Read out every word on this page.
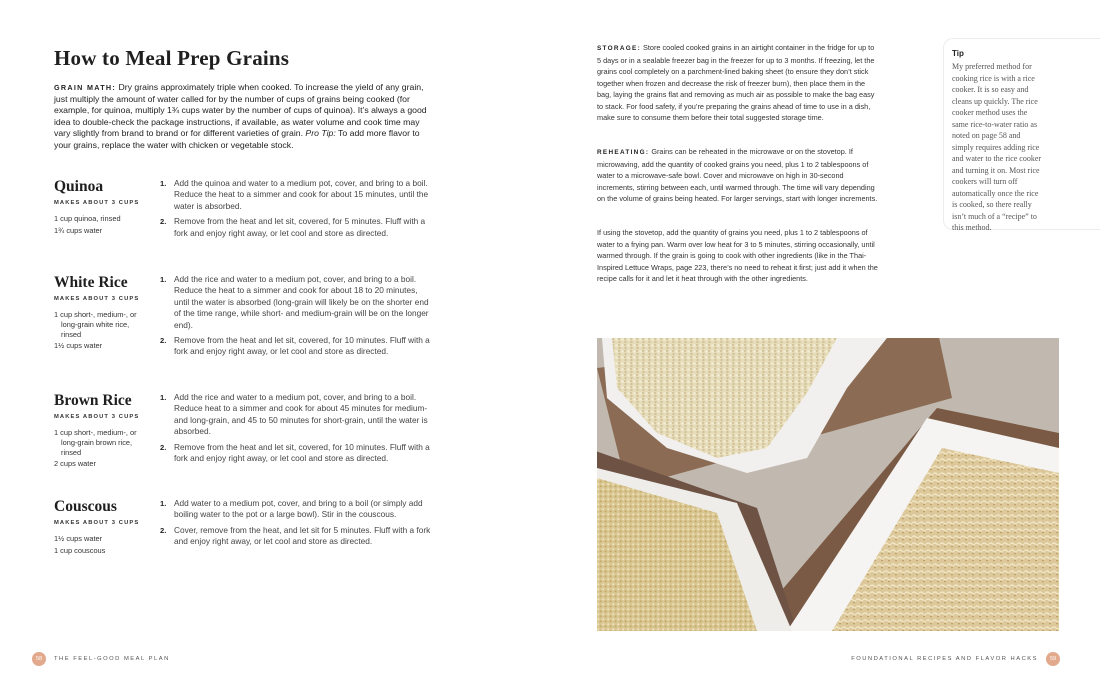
How to Meal Prep Grains

GRAIN MATH: Dry grains approximately triple when cooked. To increase the yield of any grain, just multiply the amount of water called for by the number of cups of grains being cooked (for example, for quinoa, multiply 1¾ cups water by the number of cups of quinoa). It’s always a good idea to double-check the package instructions, if available, as water volume and cook time may vary slightly from brand to brand or for different varieties of grain. Pro Tip: To add more flavor to your grains, replace the water with chicken or vegetable stock.

Quinoa
MAKES ABOUT 3 CUPS
1 cup quinoa, rinsed
1¾ cups water
1. Add the quinoa and water to a medium pot, cover, and bring to a boil. Reduce the heat to a simmer and cook for about 15 minutes, until the water is absorbed.
2. Remove from the heat and let sit, covered, for 5 minutes. Fluff with a fork and enjoy right away, or let cool and store as directed.
White Rice
MAKES ABOUT 3 CUPS
1 cup short-, medium-, or long-grain white rice, rinsed
1½ cups water
1. Add the rice and water to a medium pot, cover, and bring to a boil. Reduce the heat to a simmer and cook for about 18 to 20 minutes, until the water is absorbed (long-grain will likely be on the shorter end of the time range, while short- and medium-grain will be on the longer end).
2. Remove from the heat and let sit, covered, for 10 minutes. Fluff with a fork and enjoy right away, or let cool and store as directed.
Brown Rice
MAKES ABOUT 3 CUPS
1 cup short-, medium-, or long-grain brown rice, rinsed
2 cups water
1. Add the rice and water to a medium pot, cover, and bring to a boil. Reduce heat to a simmer and cook for about 45 minutes for medium- and long-grain, and 45 to 50 minutes for short-grain, until the water is absorbed.
2. Remove from the heat and let sit, covered, for 10 minutes. Fluff with a fork and enjoy right away, or let cool and store as directed.
Couscous
MAKES ABOUT 3 CUPS
1½ cups water
1 cup couscous
1. Add water to a medium pot, cover, and bring to a boil (or simply add boiling water to the pot or a large bowl). Stir in the couscous.
2. Cover, remove from the heat, and let sit for 5 minutes. Fluff with a fork and enjoy right away, or let cool and store as directed.
58	THE FEEL-GOOD MEAL PLAN

STORAGE: Store cooled cooked grains in an airtight container in the fridge for up to 5 days or in a sealable freezer bag in the freezer for up to 3 months. If freezing, let the grains cool completely on a parchment-lined baking sheet (to ensure they don’t stick together when frozen and decrease the risk of freezer burn), then place them in the bag, laying the grains flat and removing as much air as possible to make the bag easy to stack. For food safety, if you’re preparing the grains ahead of time to use in a dish, make sure to consume them before their total suggested storage time.

REHEATING: Grains can be reheated in the microwave or on the stovetop. If microwaving, add the quantity of cooked grains you need, plus 1 to 2 tablespoons of water to a microwave-safe bowl. Cover and microwave on high in 30-second increments, stirring between each, until warmed through. The time will vary depending on the volume of grains being heated. For larger servings, start with longer increments.

If using the stovetop, add the quantity of grains you need, plus 1 to 2 tablespoons of water to a frying pan. Warm over low heat for 3 to 5 minutes, stirring occasionally, until warmed through. If the grain is going to cook with other ingredients (like in the Thai-Inspired Lettuce Wraps, page 223, there’s no need to reheat it first; just add it when the recipe calls for it and let it heat through with the other ingredients.

Tip
My preferred method for cooking rice is with a rice cooker. It is so easy and cleans up quickly. The rice cooker method uses the same rice-to-water ratio as noted on page 58 and simply requires adding rice and water to the rice cooker and turning it on. Most rice cookers will turn off automatically once the rice is cooked, so there really isn’t much of a “recipe” to this method.
FOUNDATIONAL RECIPES AND FLAVOR HACKS	59
